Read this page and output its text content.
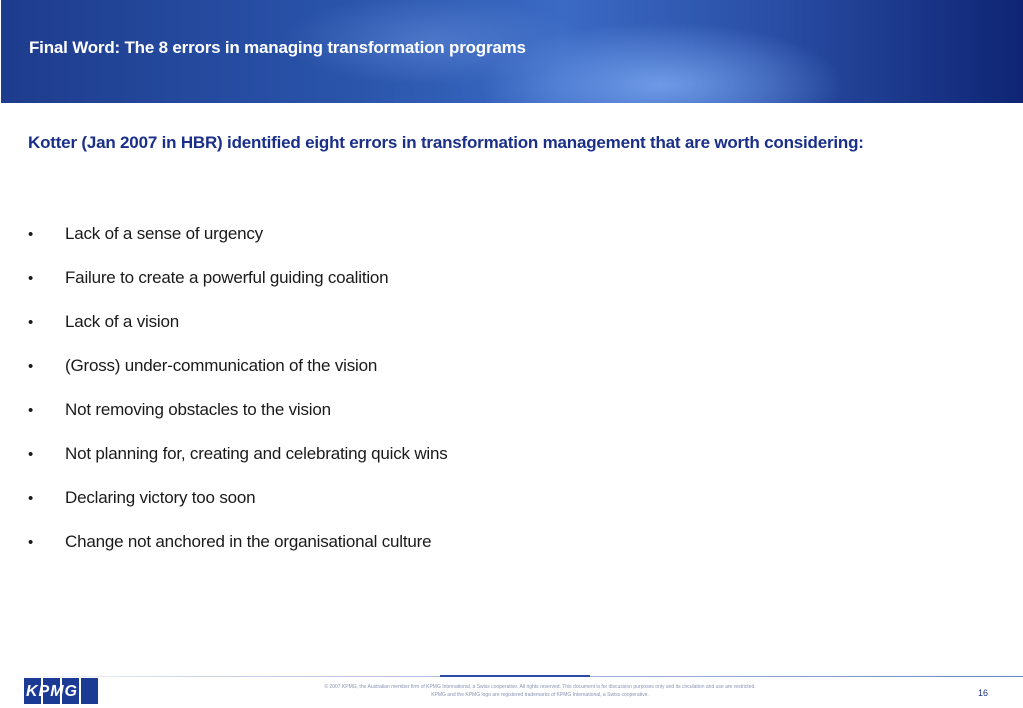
Final Word: The 8 errors in managing transformation programs
Kotter (Jan 2007 in HBR) identified eight errors in transformation management that are worth considering:
•	Lack of a sense of urgency
•	Failure to create a powerful guiding coalition
•	Lack of a vision
•	(Gross) under-communication of the vision
•	Not removing obstacles to the vision
•	Not planning for, creating and celebrating quick wins
•	Declaring victory too soon
•	Change not anchored in the organisational culture
KPMG	© 2007 KPMG, the Australian member firm of KPMG International, a Swiss cooperative. All rights reserved. This document is for discussion purposes only and its circulation and use are restricted.
KPMG and the KPMG logo are registered trademarks of KPMG International, a Swiss cooperative.	16
